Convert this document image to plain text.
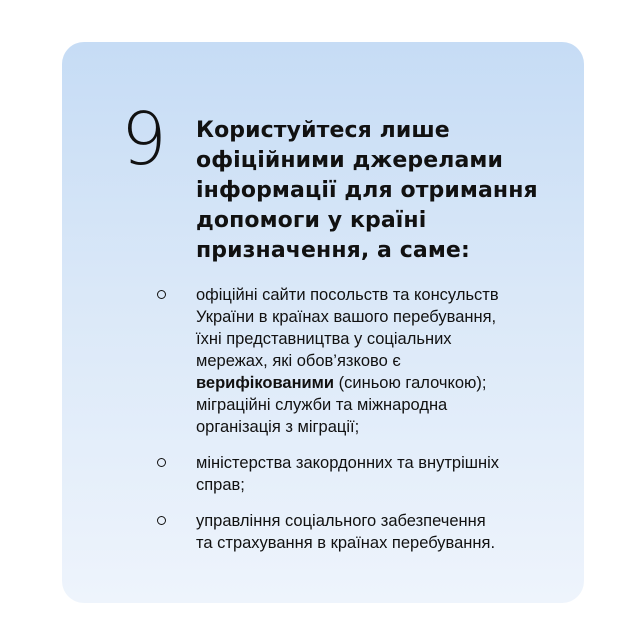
9 Користуйтеся лише
офіційними джерелами
інформації для отримання
допомоги у країні
призначення, а саме:
офіційні сайти посольств та консульств
України в країнах вашого перебування,
їхні представництва у соціальних
мережах, які обов’язково є
верифікованими (синьою галочкою);
міграційні служби та міжнародна
організація з міграції;
міністерства закордонних та внутрішніх
справ;
управління соціального забезпечення
та страхування в країнах перебування.
